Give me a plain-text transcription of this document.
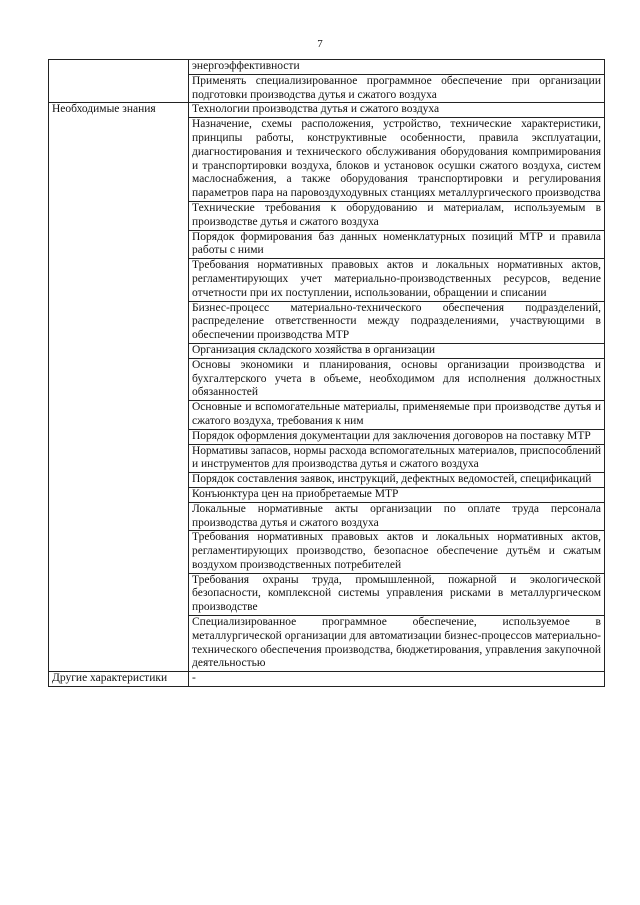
7
	энергоэффективности
	Применять специализированное программное обеспечение при организации подготовки производства дутья и сжатого воздуха
Необходимые знания	Технологии производства дутья и сжатого воздуха
	Назначение, схемы расположения, устройство, технические характеристики, принципы работы, конструктивные особенности, правила эксплуатации, диагностирования и технического обслуживания оборудования компримирования и транспортировки воздуха, блоков и установок осушки сжатого воздуха, систем маслоснабжения, а также оборудования транспортировки и регулирования параметров пара на паровоздуходувных станциях металлургического производства
	Технические требования к оборудованию и материалам, используемым в производстве дутья и сжатого воздуха
	Порядок формирования баз данных номенклатурных позиций МТР и правила работы с ними
	Требования нормативных правовых актов и локальных нормативных актов, регламентирующих учет материально-производственных ресурсов, ведение отчетности при их поступлении, использовании, обращении и списании
	Бизнес-процесс материально-технического обеспечения подразделений, распределение ответственности между подразделениями, участвующими в обеспечении производства МТР
	Организация складского хозяйства в организации
	Основы экономики и планирования, основы организации производства и бухгалтерского учета в объеме, необходимом для исполнения должностных обязанностей
	Основные и вспомогательные материалы, применяемые при производстве дутья и сжатого воздуха, требования к ним
	Порядок оформления документации для заключения договоров на поставку МТР
	Нормативы запасов, нормы расхода вспомогательных материалов, приспособлений и инструментов для производства дутья и сжатого воздуха
	Порядок составления заявок, инструкций, дефектных ведомостей, спецификаций
	Конъюнктура цен на приобретаемые МТР
	Локальные нормативные акты организации по оплате труда персонала производства дутья и сжатого воздуха
	Требования нормативных правовых актов и локальных нормативных актов, регламентирующих производство, безопасное обеспечение дутьём и сжатым воздухом производственных потребителей
	Требования охраны труда, промышленной, пожарной и экологической безопасности, комплексной системы управления рисками в металлургическом производстве
	Специализированное программное обеспечение, используемое в металлургической организации для автоматизации бизнес-процессов материально-технического обеспечения производства, бюджетирования, управления закупочной деятельностью
Другие характеристики	-
